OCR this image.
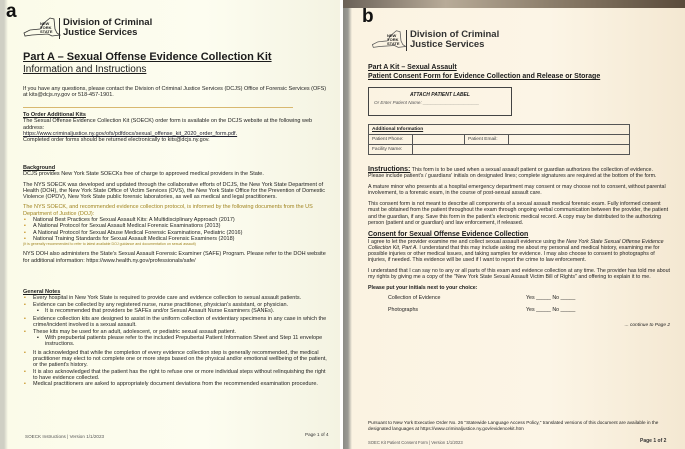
a
NEW YORK STATE
Division of Criminal
Justice Services
Part A – Sexual Offense Evidence Collection Kit
Information and Instructions
If you have any questions, please contact the Division of Criminal Justice Services (DCJS) Office of Forensic Services (OFS) at kits@dcjs.ny.gov or 518-457-1901.
To Order Additional Kits
The Sexual Offense Evidence Collection Kit (SOECK) order form is available on the DCJS website at the following web address:
https://www.criminaljustice.ny.gov/ofs/pdfdocs/sexual_offense_kit_2020_order_form.pdf.
Completed order forms should be returned electronically to kits@dcjs.ny.gov.
Background
DCJS provides New York State SOECKs free of charge to approved medical providers in the State.
The NYS SOECK was developed and updated through the collaborative efforts of DCJS, the New York State Department of Health (DOH), the New York State Office of Victim Services (OVS), the New York State Office for the Prevention of Domestic Violence (OPDV), New York State public forensic laboratories, as well as medical and legal practitioners.
The NYS SOECK, and recommended evidence collection protocol, is informed by the following documents from the US Department of Justice (DOJ):
▪ National Best Practices for Sexual Assault Kits: A Multidisciplinary Approach (2017)
▪ A National Protocol for Sexual Assault Medical Forensic Examinations (2013)
▪ A National Protocol for Sexual Abuse Medical Forensic Examinations, Pediatric (2016)
▪ National Training Standards for Sexual Assault Medical Forensic Examiners (2018)
(It is generally recommended to refer to latest available DOJ guidance and documentation on sexual assault)
NYS DOH also administers the State's Sexual Assault Forensic Examiner (SAFE) Program. Please refer to the DOH website for additional information: https://www.health.ny.gov/professionals/safe/
General Notes
▪ Every hospital in New York State is required to provide care and evidence collection to sexual assault patients.
▪ Evidence can be collected by any registered nurse, nurse practitioner, physician's assistant, or physician.
▪ It is recommended that providers be SAFEs and/or Sexual Assault Nurse Examiners (SANEs).
▪ Evidence collection kits are designed to assist in the uniform collection of evidentiary specimens in any case in which the crime/incident involved is a sexual assault.
▪ These kits may be used for an adult, adolescent, or pediatric sexual assault patient.
▪ With prepubertal patients please refer to the included Prepubertal Patient Information Sheet and Step 11 envelope instructions.
▪ It is acknowledged that while the completion of every evidence collection step is generally recommended, the medical practitioner may elect to not complete one or more steps based on the physical and/or emotional wellbeing of the patient, or the patient's history.
▪ It is also acknowledged that the patient has the right to refuse one or more individual steps without relinquishing the right to have evidence collected.
▪ Medical practitioners are asked to appropriately document deviations from the recommended examination procedure.
SOECK Instructions | Version 1/1/2023	Page 1 of 4
b
NEW YORK STATE
Division of Criminal
Justice Services
Part A Kit – Sexual Assault
Patient Consent Form for Evidence Collection and Release or Storage
ATTACH PATIENT LABEL
Or Enter Patient Name: ______________________
Additional Information			
Patient Phone:		Patient Email:	
Facility Name:			
Instructions: This form is to be used when a sexual assault patient or guardian authorizes the collection of evidence. Please include patient's / guardians' initials on designated lines; complete signatures are required at the bottom of the form.
A mature minor who presents at a hospital emergency department may consent or may choose not to consent, without parental involvement, to a forensic exam, in the course of post-sexual assault care.
This consent form is not meant to describe all components of a sexual assault medical forensic exam. Fully informed consent must be obtained from the patient throughout the exam through ongoing verbal communication between the provider, the patient and the guardian, if any. Save this form in the patient's electronic medical record. A copy may be distributed to the authorizing person (patient and or guardian) and law enforcement, if released.
Consent for Sexual Offense Evidence Collection
I agree to let the provider examine me and collect sexual assault evidence using the New York State Sexual Offense Evidence Collection Kit, Part A. I understand that this may include asking me about my personal and medical history, examining me for possible injuries or other medical issues, and taking samples for evidence. I may also choose to consent to photographs of injuries, if needed. This evidence will be used if I want to report the crime to law enforcement.
I understand that I can say no to any or all parts of this exam and evidence collection at any time. The provider has told me about my rights by giving me a copy of the "New York State Sexual Assault Victim Bill of Rights" and offering to explain it to me.
Please put your initials next to your choice:
Collection of Evidence	Yes _____ No _____
Photographs	Yes _____ No _____
... continue to Page 2
Pursuant to New York Executive Order No. 26 "Statewide Language Access Policy," translated versions of this document are available in the designated languages at https://www.criminaljustice.ny.gov/evidencekit.htm
SOEC Kit Patient Consent Form | Version 1/1/2023	Page 1 of 2
